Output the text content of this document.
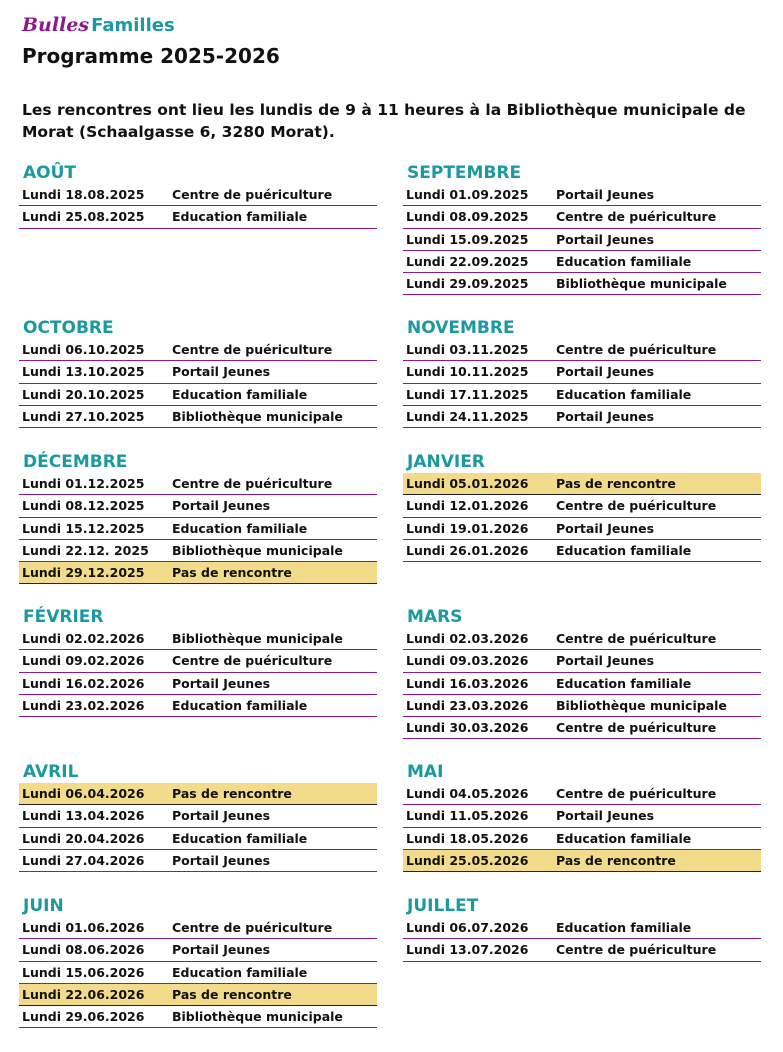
Bulles Familles
Programme 2025-2026
Les rencontres ont lieu les lundis de 9 à 11 heures à la Bibliothèque municipale de Morat (Schaalgasse 6, 3280 Morat).
AOÛT
Lundi 18.08.2025	Centre de puériculture
Lundi 25.08.2025	Education familiale
SEPTEMBRE
Lundi 01.09.2025	Portail Jeunes
Lundi 08.09.2025	Centre de puériculture
Lundi 15.09.2025	Portail Jeunes
Lundi 22.09.2025	Education familiale
Lundi 29.09.2025	Bibliothèque municipale
OCTOBRE
Lundi 06.10.2025	Centre de puériculture
Lundi 13.10.2025	Portail Jeunes
Lundi 20.10.2025	Education familiale
Lundi 27.10.2025	Bibliothèque municipale
NOVEMBRE
Lundi 03.11.2025	Centre de puériculture
Lundi 10.11.2025	Portail Jeunes
Lundi 17.11.2025	Education familiale
Lundi 24.11.2025	Portail Jeunes
DÉCEMBRE
Lundi 01.12.2025	Centre de puériculture
Lundi 08.12.2025	Portail Jeunes
Lundi 15.12.2025	Education familiale
Lundi 22.12. 2025	Bibliothèque municipale
Lundi 29.12.2025	Pas de rencontre
JANVIER
Lundi 05.01.2026	Pas de rencontre
Lundi 12.01.2026	Centre de puériculture
Lundi 19.01.2026	Portail Jeunes
Lundi 26.01.2026	Education familiale
FÉVRIER
Lundi 02.02.2026	Bibliothèque municipale
Lundi 09.02.2026	Centre de puériculture
Lundi 16.02.2026	Portail Jeunes
Lundi 23.02.2026	Education familiale
MARS
Lundi 02.03.2026	Centre de puériculture
Lundi 09.03.2026	Portail Jeunes
Lundi 16.03.2026	Education familiale
Lundi 23.03.2026	Bibliothèque municipale
Lundi 30.03.2026	Centre de puériculture
AVRIL
Lundi 06.04.2026	Pas de rencontre
Lundi 13.04.2026	Portail Jeunes
Lundi 20.04.2026	Education familiale
Lundi 27.04.2026	Portail Jeunes
MAI
Lundi 04.05.2026	Centre de puériculture
Lundi 11.05.2026	Portail Jeunes
Lundi 18.05.2026	Education familiale
Lundi 25.05.2026	Pas de rencontre
JUIN
Lundi 01.06.2026	Centre de puériculture
Lundi 08.06.2026	Portail Jeunes
Lundi 15.06.2026	Education familiale
Lundi 22.06.2026	Pas de rencontre
Lundi 29.06.2026	Bibliothèque municipale
JUILLET
Lundi 06.07.2026	Education familiale
Lundi 13.07.2026	Centre de puériculture
